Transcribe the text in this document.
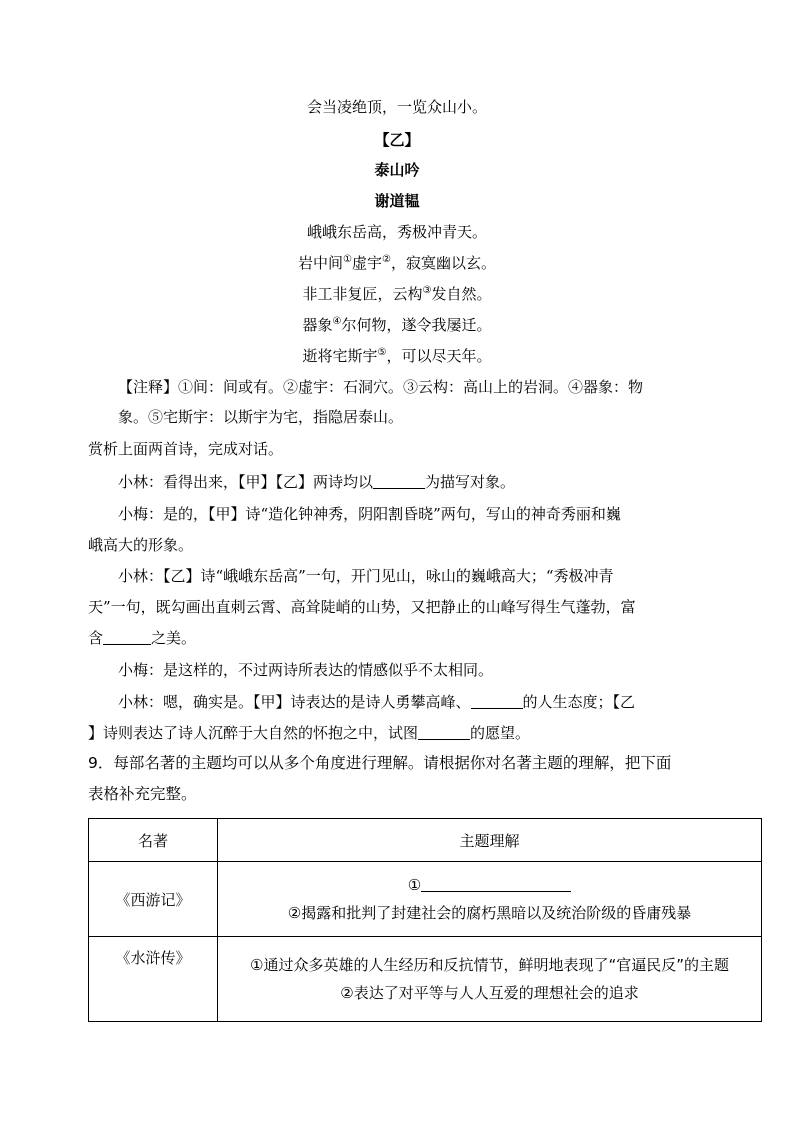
会当凌绝顶，一览众山小。
【乙】
泰山吟
谢道韫
峨峨东岳高，秀极冲青天。
岩中间①虚宇②，寂寞幽以玄。
非工非复匠，云构③发自然。
器象④尔何物，遂令我屡迁。
逝将宅斯宇⑤，可以尽天年。
【注释】①间：间或有。②虚宇：石洞穴。③云构：高山上的岩洞。④器象：物
象。⑤宅斯宇：以斯宇为宅，指隐居泰山。
赏析上面两首诗，完成对话。
小林：看得出来，【甲】【乙】两诗均以	为描写对象。
小梅：是的，【甲】诗“造化钟神秀，阴阳割昏晓”两句，写山的神奇秀丽和巍
峨高大的形象。
小林：【乙】诗“峨峨东岳高”一句，开门见山，咏山的巍峨高大；“秀极冲青
天”一句，既勾画出直刺云霄、高耸陡峭的山势，又把静止的山峰写得生气蓬勃，富
含	之美。
小梅：是这样的，不过两诗所表达的情感似乎不太相同。
小林：嗯，确实是。【甲】诗表达的是诗人勇攀高峰、	的人生态度；【乙
】诗则表达了诗人沉醉于大自然的怀抱之中，试图	的愿望。
9．每部名著的主题均可以从多个角度进行理解。请根据你对名著主题的理解，把下面
表格补充完整。
名著	主题理解
《西游记》	①
②揭露和批判了封建社会的腐朽黑暗以及统治阶级的昏庸残暴

《水浒传》	①通过众多英雄的人生经历和反抗情节，鲜明地表现了“官逼民反”的主题
②表达了对平等与人人互爱的理想社会的追求
